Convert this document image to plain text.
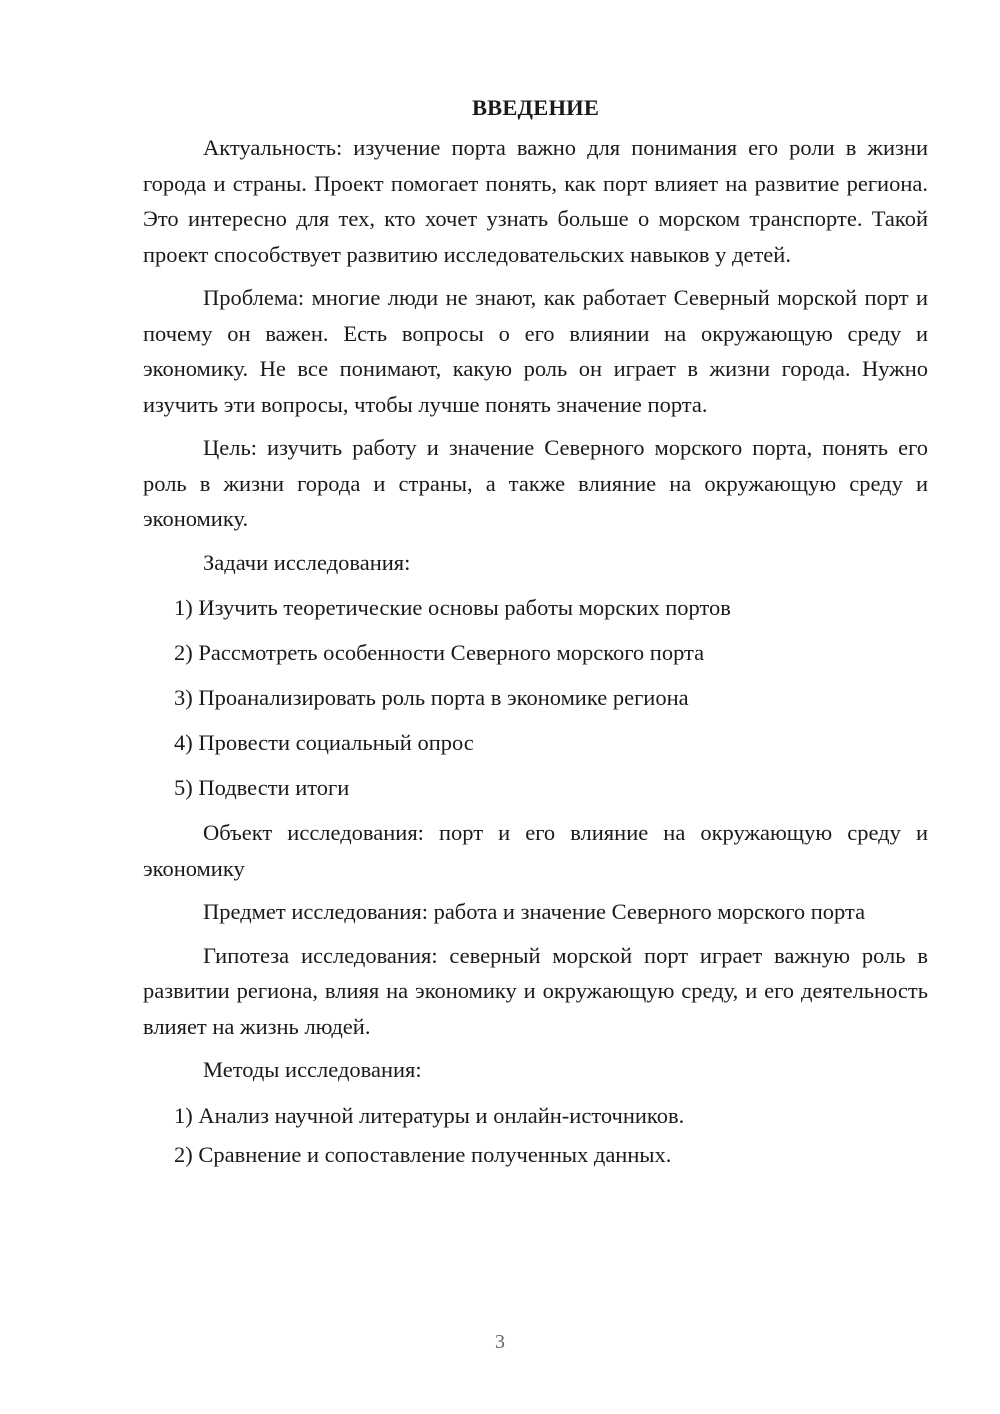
ВВЕДЕНИЕ

Актуальность: изучение порта важно для понимания его роли в жизни города и страны. Проект помогает понять, как порт влияет на развитие региона. Это интересно для тех, кто хочет узнать больше о морском транспорте. Такой проект способствует развитию исследовательских навыков у детей.

Проблема: многие люди не знают, как работает Северный морской порт и почему он важен. Есть вопросы о его влиянии на окружающую среду и экономику. Не все понимают, какую роль он играет в жизни города. Нужно изучить эти вопросы, чтобы лучше понять значение порта.

Цель: изучить работу и значение Северного морского порта, понять его роль в жизни города и страны, а также влияние на окружающую среду и экономику.

Задачи исследования:

1) Изучить теоретические основы работы морских портов
2) Рассмотреть особенности Северного морского порта
3) Проанализировать роль порта в экономике региона
4) Провести социальный опрос
5) Подвести итоги

Объект исследования: порт и его влияние на окружающую среду и экономику

Предмет исследования: работа и значение Северного морского порта

Гипотеза исследования: северный морской порт играет важную роль в развитии региона, влияя на экономику и окружающую среду, и его деятельность влияет на жизнь людей.

Методы исследования:

1) Анализ научной литературы и онлайн-источников.
2) Сравнение и сопоставление полученных данных.
3
